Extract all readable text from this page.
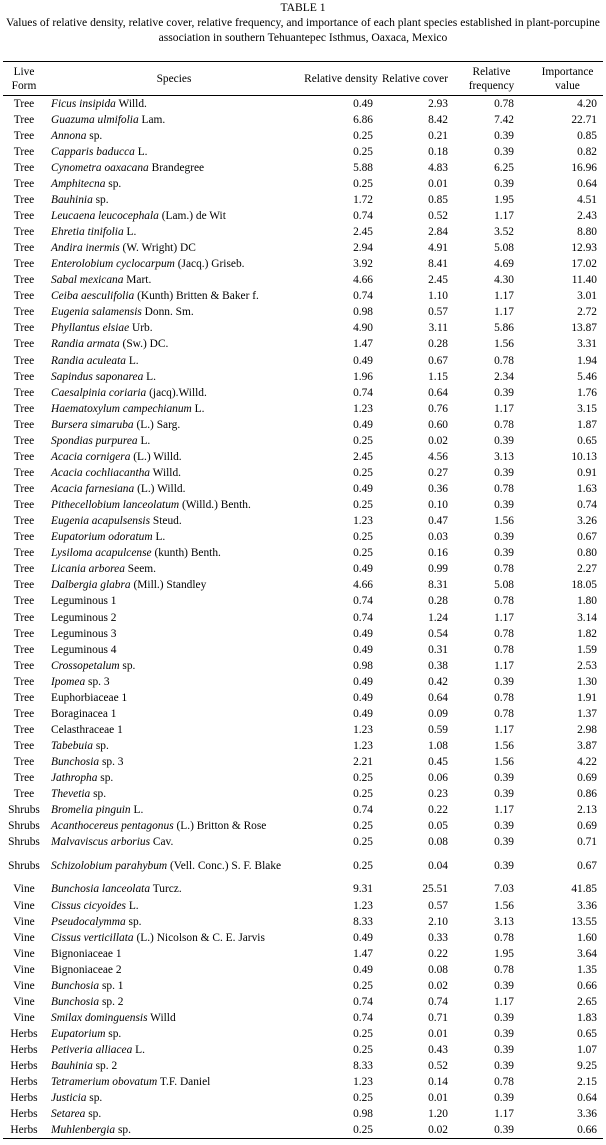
TABLE 1
Values of relative density, relative cover, relative frequency, and importance of each plant species established in plant-porcupine association in southern Tehuantepec Isthmus, Oaxaca, Mexico
Live Form	Species	Relative density	Relative cover	Relative frequency	Importance value
Tree	Ficus insipida Willd.	0.49	2.93	0.78	4.20
Tree	Guazuma ulmifolia Lam.	6.86	8.42	7.42	22.71
Tree	Annona sp.	0.25	0.21	0.39	0.85
Tree	Capparis baducca L.	0.25	0.18	0.39	0.82
Tree	Cynometra oaxacana Brandegree	5.88	4.83	6.25	16.96
Tree	Amphitecna sp.	0.25	0.01	0.39	0.64
Tree	Bauhinia sp.	1.72	0.85	1.95	4.51
Tree	Leucaena leucocephala (Lam.) de Wit	0.74	0.52	1.17	2.43
Tree	Ehretia tinifolia L.	2.45	2.84	3.52	8.80
Tree	Andira inermis (W. Wright) DC	2.94	4.91	5.08	12.93
Tree	Enterolobium cyclocarpum (Jacq.) Griseb.	3.92	8.41	4.69	17.02
Tree	Sabal mexicana Mart.	4.66	2.45	4.30	11.40
Tree	Ceiba aesculifolia (Kunth) Britten & Baker f.	0.74	1.10	1.17	3.01
Tree	Eugenia salamensis Donn. Sm.	0.98	0.57	1.17	2.72
Tree	Phyllantus elsiae Urb.	4.90	3.11	5.86	13.87
Tree	Randia armata (Sw.) DC.	1.47	0.28	1.56	3.31
Tree	Randia aculeata L.	0.49	0.67	0.78	1.94
Tree	Sapindus saponarea L.	1.96	1.15	2.34	5.46
Tree	Caesalpinia coriaria (jacq).Willd.	0.74	0.64	0.39	1.76
Tree	Haematoxylum campechianum L.	1.23	0.76	1.17	3.15
Tree	Bursera simaruba (L.) Sarg.	0.49	0.60	0.78	1.87
Tree	Spondias purpurea L.	0.25	0.02	0.39	0.65
Tree	Acacia cornigera (L.) Willd.	2.45	4.56	3.13	10.13
Tree	Acacia cochliacantha Willd.	0.25	0.27	0.39	0.91
Tree	Acacia farnesiana (L.) Willd.	0.49	0.36	0.78	1.63
Tree	Pithecellobium lanceolatum (Willd.) Benth.	0.25	0.10	0.39	0.74
Tree	Eugenia acapulsensis Steud.	1.23	0.47	1.56	3.26
Tree	Eupatorium odoratum L.	0.25	0.03	0.39	0.67
Tree	Lysiloma acapulcense (kunth) Benth.	0.25	0.16	0.39	0.80
Tree	Licania arborea Seem.	0.49	0.99	0.78	2.27
Tree	Dalbergia glabra (Mill.) Standley	4.66	8.31	5.08	18.05
Tree	Leguminous 1	0.74	0.28	0.78	1.80
Tree	Leguminous 2	0.74	1.24	1.17	3.14
Tree	Leguminous 3	0.49	0.54	0.78	1.82
Tree	Leguminous 4	0.49	0.31	0.78	1.59
Tree	Crossopetalum sp.	0.98	0.38	1.17	2.53
Tree	Ipomea sp. 3	0.49	0.42	0.39	1.30
Tree	Euphorbiaceae 1	0.49	0.64	0.78	1.91
Tree	Boraginacea 1	0.49	0.09	0.78	1.37
Tree	Celasthraceae 1	1.23	0.59	1.17	2.98
Tree	Tabebuia sp.	1.23	1.08	1.56	3.87
Tree	Bunchosia sp. 3	2.21	0.45	1.56	4.22
Tree	Jathropha sp.	0.25	0.06	0.39	0.69
Tree	Thevetia sp.	0.25	0.23	0.39	0.86
Shrubs	Bromelia pinguin L.	0.74	0.22	1.17	2.13
Shrubs	Acanthocereus pentagonus (L.) Britton & Rose	0.25	0.05	0.39	0.69
Shrubs	Malvaviscus arborius Cav.	0.25	0.08	0.39	0.71
Shrubs	Schizolobium parahybum (Vell. Conc.) S. F. Blake	0.25	0.04	0.39	0.67
Vine	Bunchosia lanceolata Turcz.	9.31	25.51	7.03	41.85
Vine	Cissus cicyoides L.	1.23	0.57	1.56	3.36
Vine	Pseudocalymma sp.	8.33	2.10	3.13	13.55
Vine	Cissus verticillata (L.) Nicolson & C. E. Jarvis	0.49	0.33	0.78	1.60
Vine	Bignoniaceae 1	1.47	0.22	1.95	3.64
Vine	Bignoniaceae 2	0.49	0.08	0.78	1.35
Vine	Bunchosia sp. 1	0.25	0.02	0.39	0.66
Vine	Bunchosia sp. 2	0.74	0.74	1.17	2.65
Vine	Smilax dominguensis Willd	0.74	0.71	0.39	1.83
Herbs	Eupatorium sp.	0.25	0.01	0.39	0.65
Herbs	Petiveria alliacea L.	0.25	0.43	0.39	1.07
Herbs	Bauhinia sp. 2	8.33	0.52	0.39	9.25
Herbs	Tetramerium obovatum T.F. Daniel	1.23	0.14	0.78	2.15
Herbs	Justicia sp.	0.25	0.01	0.39	0.64
Herbs	Setarea sp.	0.98	1.20	1.17	3.36
Herbs	Muhlenbergia sp.	0.25	0.02	0.39	0.66
